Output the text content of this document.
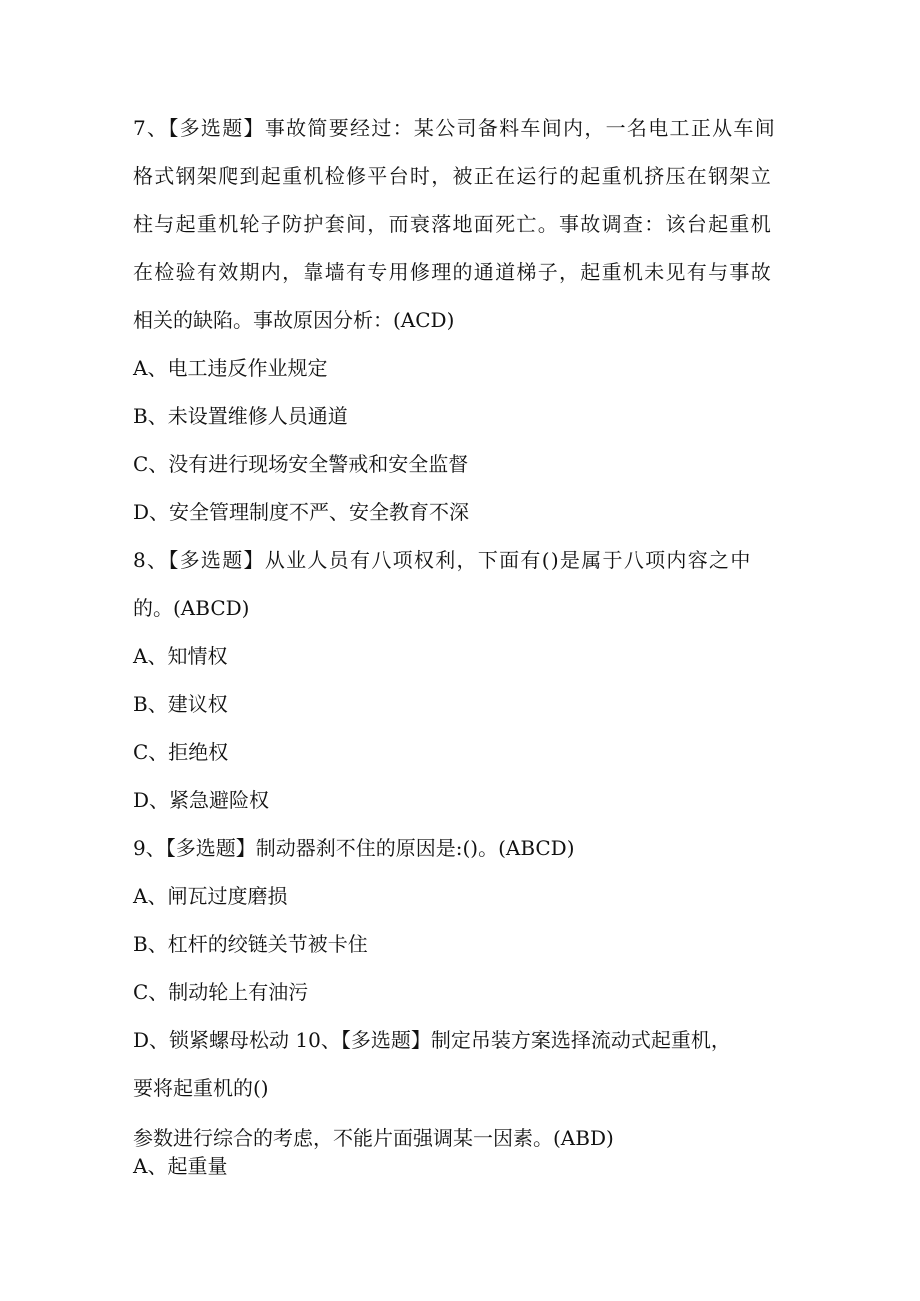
7、【多选题】事故简要经过：某公司备料车间内，一名电工正从车间
格式钢架爬到起重机检修平台时，被正在运行的起重机挤压在钢架立
柱与起重机轮子防护套间，而衰落地面死亡。事故调查：该台起重机
在检验有效期内，靠墙有专用修理的通道梯子，起重机未见有与事故
相关的缺陷。事故原因分析：(ACD)
A、电工违反作业规定
B、未设置维修人员通道
C、没有进行现场安全警戒和安全监督
D、安全管理制度不严、安全教育不深
8、【多选题】从业人员有八项权利，下面有()是属于八项内容之中
的。(ABCD)
A、知情权
B、建议权
C、拒绝权
D、紧急避险权
9、【多选题】制动器刹不住的原因是:()。(ABCD)
A、闸瓦过度磨损
B、杠杆的绞链关节被卡住
C、制动轮上有油污
D、锁紧螺母松动 10、【多选题】制定吊装方案选择流动式起重机，
要将起重机的()
参数进行综合的考虑，不能片面强调某一因素。(ABD)
A、起重量
